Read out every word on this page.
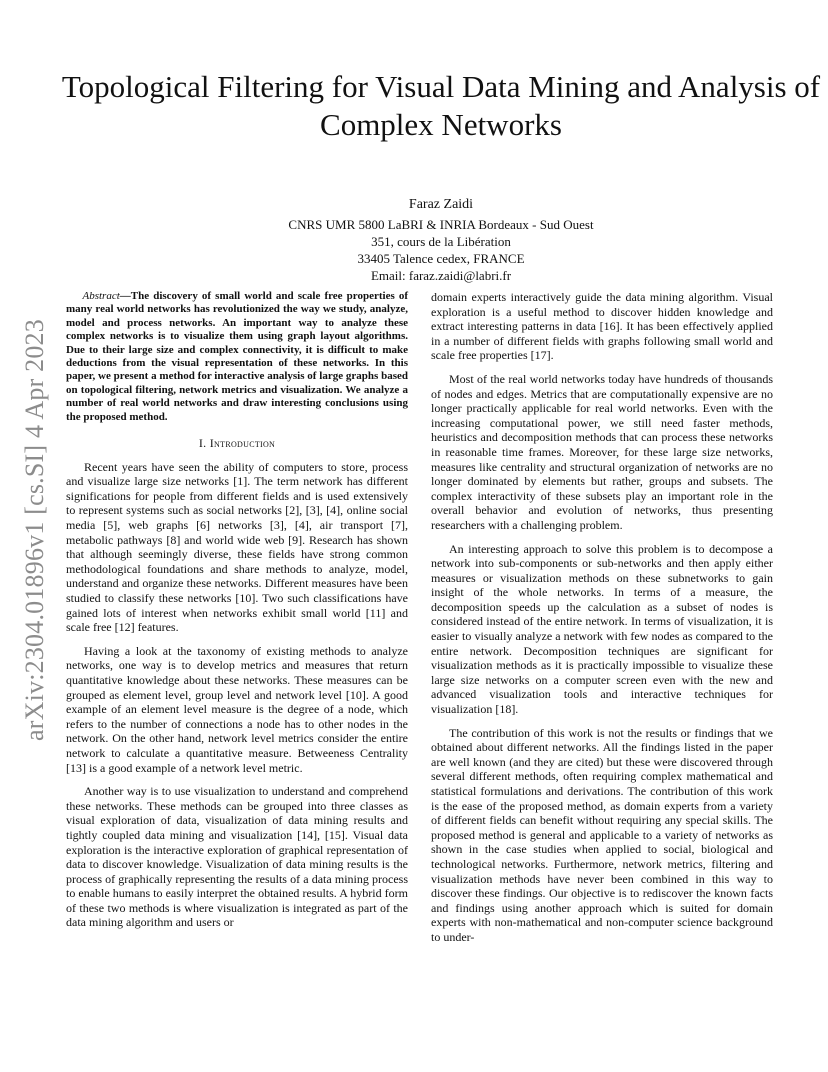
arXiv:2304.01896v1 [cs.SI] 4 Apr 2023
Topological Filtering for Visual Data Mining and Analysis of Complex Networks
Faraz Zaidi
CNRS UMR 5800 LaBRI & INRIA Bordeaux - Sud Ouest
351, cours de la Libération
33405 Talence cedex, FRANCE
Email: faraz.zaidi@labri.fr

Abstract—The discovery of small world and scale free properties of many real world networks has revolutionized the way we study, analyze, model and process networks. An important way to analyze these complex networks is to visualize them using graph layout algorithms. Due to their large size and complex connectivity, it is difficult to make deductions from the visual representation of these networks. In this paper, we present a method for interactive analysis of large graphs based on topological filtering, network metrics and visualization. We analyze a number of real world networks and draw interesting conclusions using the proposed method.

I. Introduction

Recent years have seen the ability of computers to store, process and visualize large size networks [1]. The term network has different significations for people from different fields and is used extensively to represent systems such as social networks [2], [3], [4], online social media [5], web graphs [6] networks [3], [4], air transport [7], metabolic pathways [8] and world wide web [9]. Research has shown that although seemingly diverse, these fields have strong common methodological foundations and share methods to analyze, model, understand and organize these networks. Different measures have been studied to classify these networks [10]. Two such classifications have gained lots of interest when networks exhibit small world [11] and scale free [12] features.

Having a look at the taxonomy of existing methods to analyze networks, one way is to develop metrics and measures that return quantitative knowledge about these networks. These measures can be grouped as element level, group level and network level [10]. A good example of an element level measure is the degree of a node, which refers to the number of connections a node has to other nodes in the network. On the other hand, network level metrics consider the entire network to calculate a quantitative measure. Betweeness Centrality [13] is a good example of a network level metric.

Another way is to use visualization to understand and comprehend these networks. These methods can be grouped into three classes as visual exploration of data, visualization of data mining results and tightly coupled data mining and visualization [14], [15]. Visual data exploration is the interactive exploration of graphical representation of data to discover knowledge. Visualization of data mining results is the process of graphically representing the results of a data mining process to enable humans to easily interpret the obtained results. A hybrid form of these two methods is where visualization is integrated as part of the data mining algorithm and users or

domain experts interactively guide the data mining algorithm. Visual exploration is a useful method to discover hidden knowledge and extract interesting patterns in data [16]. It has been effectively applied in a number of different fields with graphs following small world and scale free properties [17].

Most of the real world networks today have hundreds of thousands of nodes and edges. Metrics that are computationally expensive are no longer practically applicable for real world networks. Even with the increasing computational power, we still need faster methods, heuristics and decomposition methods that can process these networks in reasonable time frames. Moreover, for these large size networks, measures like centrality and structural organization of networks are no longer dominated by elements but rather, groups and subsets. The complex interactivity of these subsets play an important role in the overall behavior and evolution of networks, thus presenting researchers with a challenging problem.

An interesting approach to solve this problem is to decompose a network into sub-components or sub-networks and then apply either measures or visualization methods on these subnetworks to gain insight of the whole networks. In terms of a measure, the decomposition speeds up the calculation as a subset of nodes is considered instead of the entire network. In terms of visualization, it is easier to visually analyze a network with few nodes as compared to the entire network. Decomposition techniques are significant for visualization methods as it is practically impossible to visualize these large size networks on a computer screen even with the new and advanced visualization tools and interactive techniques for visualization [18].

The contribution of this work is not the results or findings that we obtained about different networks. All the findings listed in the paper are well known (and they are cited) but these were discovered through several different methods, often requiring complex mathematical and statistical formulations and derivations. The contribution of this work is the ease of the proposed method, as domain experts from a variety of different fields can benefit without requiring any special skills. The proposed method is general and applicable to a variety of networks as shown in the case studies when applied to social, biological and technological networks. Furthermore, network metrics, filtering and visualization methods have never been combined in this way to discover these findings. Our objective is to rediscover the known facts and findings using another approach which is suited for domain experts with non-mathematical and non-computer science background to under-
